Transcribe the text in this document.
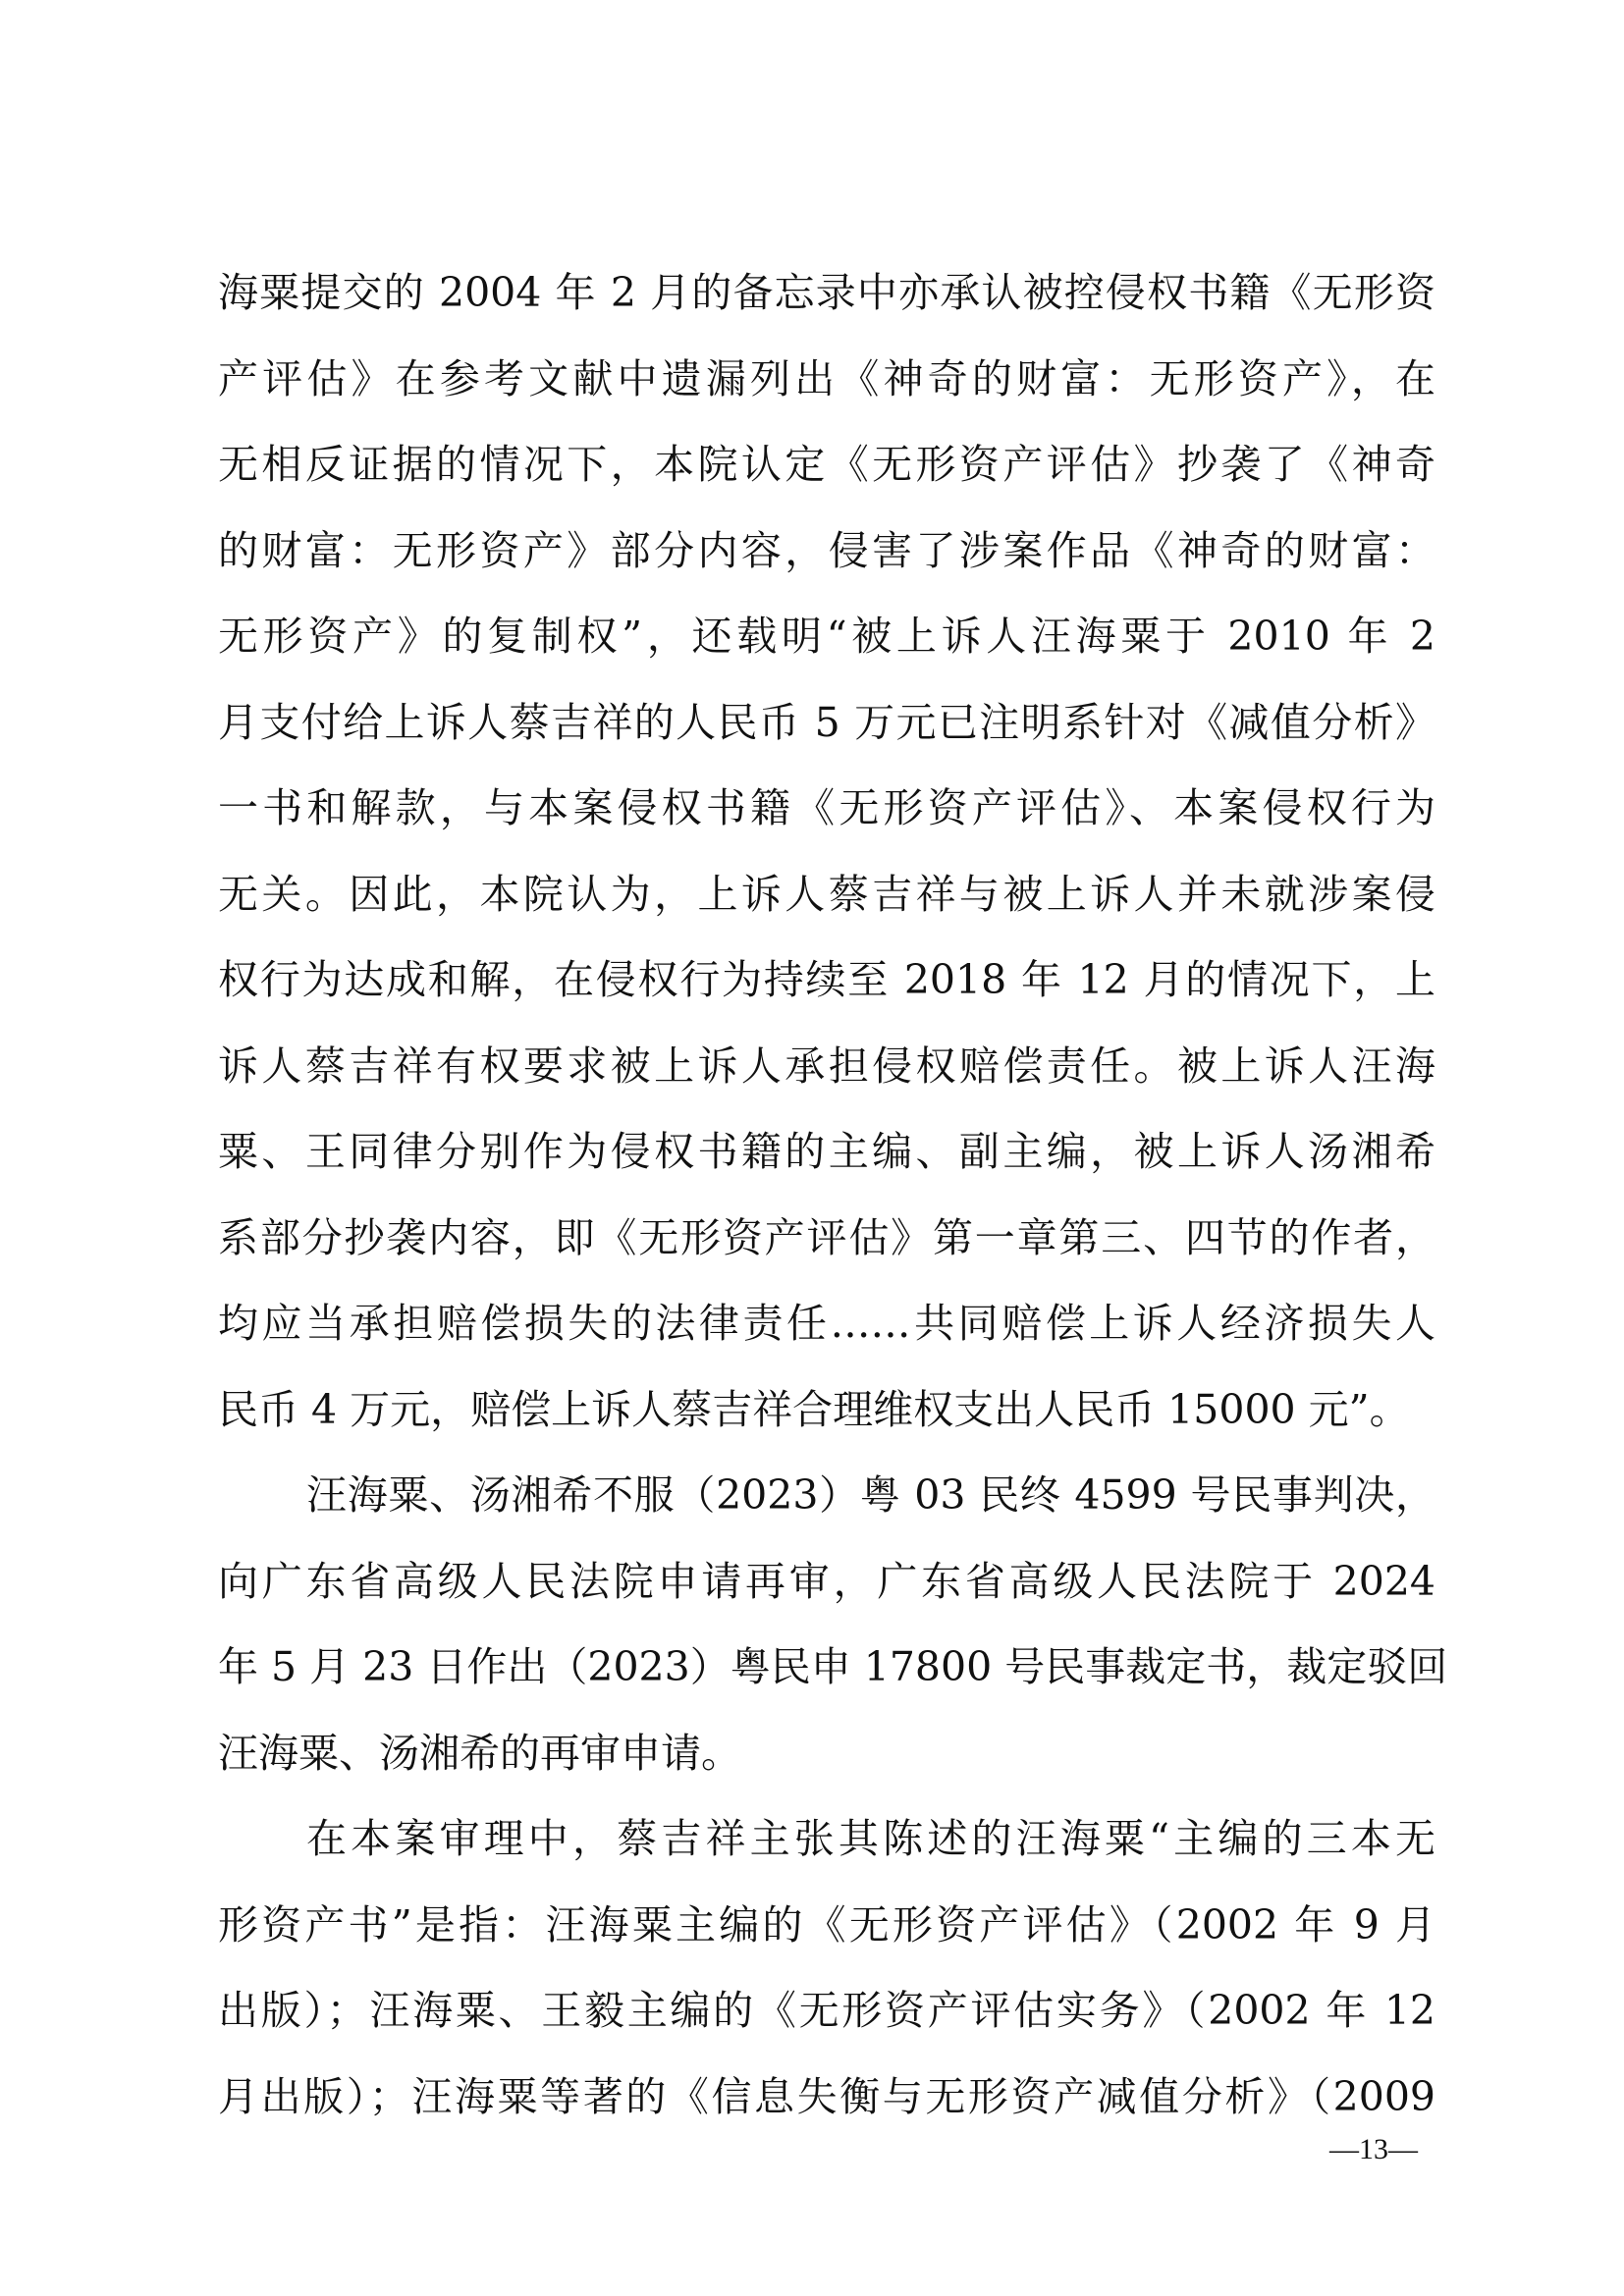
海粟提交的 2004 年 2 月的备忘录中亦承认被控侵权书籍《无形资
产评估》在参考文献中遗漏列出《神奇的财富：无形资产》，在
无相反证据的情况下，本院认定《无形资产评估》抄袭了《神奇
的财富：无形资产》部分内容，侵害了涉案作品《神奇的财富：
无形资产》的复制权”，还载明“被上诉人汪海粟于 2010 年 2
月支付给上诉人蔡吉祥的人民币 5 万元已注明系针对《减值分析》
一书和解款，与本案侵权书籍《无形资产评估》、本案侵权行为
无关。因此，本院认为，上诉人蔡吉祥与被上诉人并未就涉案侵
权行为达成和解，在侵权行为持续至 2018 年 12 月的情况下，上
诉人蔡吉祥有权要求被上诉人承担侵权赔偿责任。被上诉人汪海
粟、王同律分别作为侵权书籍的主编、副主编，被上诉人汤湘希
系部分抄袭内容，即《无形资产评估》第一章第三、四节的作者，
均应当承担赔偿损失的法律责任……共同赔偿上诉人经济损失人
民币 4 万元，赔偿上诉人蔡吉祥合理维权支出人民币 15000 元”。
汪海粟、汤湘希不服（2023）粤 03 民终 4599 号民事判决，
向广东省高级人民法院申请再审，广东省高级人民法院于 2024
年 5 月 23 日作出（2023）粤民申 17800 号民事裁定书，裁定驳回
汪海粟、汤湘希的再审申请。
在本案审理中，蔡吉祥主张其陈述的汪海粟“主编的三本无
形资产书”是指：汪海粟主编的《无形资产评估》（2002 年 9 月
出版）；汪海粟、王毅主编的《无形资产评估实务》（2002 年 12
月出版）；汪海粟等著的《信息失衡与无形资产减值分析》（2009
—13—
